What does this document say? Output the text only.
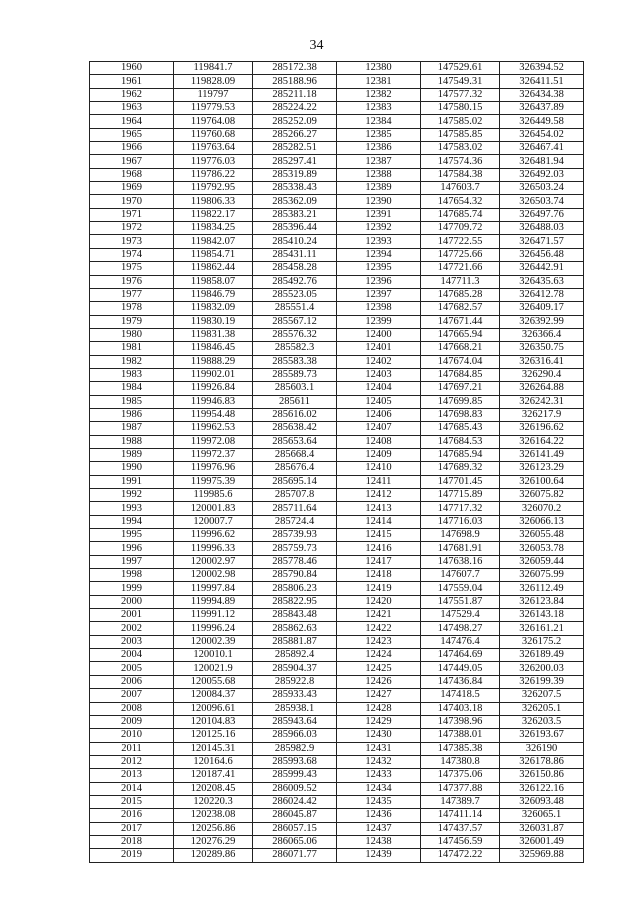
34
1960	119841.7	285172.38	12380	147529.61	326394.52
1961	119828.09	285188.96	12381	147549.31	326411.51
1962	119797	285211.18	12382	147577.32	326434.38
1963	119779.53	285224.22	12383	147580.15	326437.89
1964	119764.08	285252.09	12384	147585.02	326449.58
1965	119760.68	285266.27	12385	147585.85	326454.02
1966	119763.64	285282.51	12386	147583.02	326467.41
1967	119776.03	285297.41	12387	147574.36	326481.94
1968	119786.22	285319.89	12388	147584.38	326492.03
1969	119792.95	285338.43	12389	147603.7	326503.24
1970	119806.33	285362.09	12390	147654.32	326503.74
1971	119822.17	285383.21	12391	147685.74	326497.76
1972	119834.25	285396.44	12392	147709.72	326488.03
1973	119842.07	285410.24	12393	147722.55	326471.57
1974	119854.71	285431.11	12394	147725.66	326456.48
1975	119862.44	285458.28	12395	147721.66	326442.91
1976	119858.07	285492.76	12396	147711.3	326435.63
1977	119846.79	285523.05	12397	147685.28	326412.78
1978	119832.09	285551.4	12398	147682.57	326409.17
1979	119830.19	285567.12	12399	147671.44	326392.99
1980	119831.38	285576.32	12400	147665.94	326366.4
1981	119846.45	285582.3	12401	147668.21	326350.75
1982	119888.29	285583.38	12402	147674.04	326316.41
1983	119902.01	285589.73	12403	147684.85	326290.4
1984	119926.84	285603.1	12404	147697.21	326264.88
1985	119946.83	285611	12405	147699.85	326242.31
1986	119954.48	285616.02	12406	147698.83	326217.9
1987	119962.53	285638.42	12407	147685.43	326196.62
1988	119972.08	285653.64	12408	147684.53	326164.22
1989	119972.37	285668.4	12409	147685.94	326141.49
1990	119976.96	285676.4	12410	147689.32	326123.29
1991	119975.39	285695.14	12411	147701.45	326100.64
1992	119985.6	285707.8	12412	147715.89	326075.82
1993	120001.83	285711.64	12413	147717.32	326070.2
1994	120007.7	285724.4	12414	147716.03	326066.13
1995	119996.62	285739.93	12415	147698.9	326055.48
1996	119996.33	285759.73	12416	147681.91	326053.78
1997	120002.97	285778.46	12417	147638.16	326059.44
1998	120002.98	285790.84	12418	147607.7	326075.99
1999	119997.84	285806.23	12419	147559.04	326112.49
2000	119994.89	285822.95	12420	147551.87	326123.84
2001	119991.12	285843.48	12421	147529.4	326143.18
2002	119996.24	285862.63	12422	147498.27	326161.21
2003	120002.39	285881.87	12423	147476.4	326175.2
2004	120010.1	285892.4	12424	147464.69	326189.49
2005	120021.9	285904.37	12425	147449.05	326200.03
2006	120055.68	285922.8	12426	147436.84	326199.39
2007	120084.37	285933.43	12427	147418.5	326207.5
2008	120096.61	285938.1	12428	147403.18	326205.1
2009	120104.83	285943.64	12429	147398.96	326203.5
2010	120125.16	285966.03	12430	147388.01	326193.67
2011	120145.31	285982.9	12431	147385.38	326190
2012	120164.6	285993.68	12432	147380.8	326178.86
2013	120187.41	285999.43	12433	147375.06	326150.86
2014	120208.45	286009.52	12434	147377.88	326122.16
2015	120220.3	286024.42	12435	147389.7	326093.48
2016	120238.08	286045.87	12436	147411.14	326065.1
2017	120256.86	286057.15	12437	147437.57	326031.87
2018	120276.29	286065.06	12438	147456.59	326001.49
2019	120289.86	286071.77	12439	147472.22	325969.88
